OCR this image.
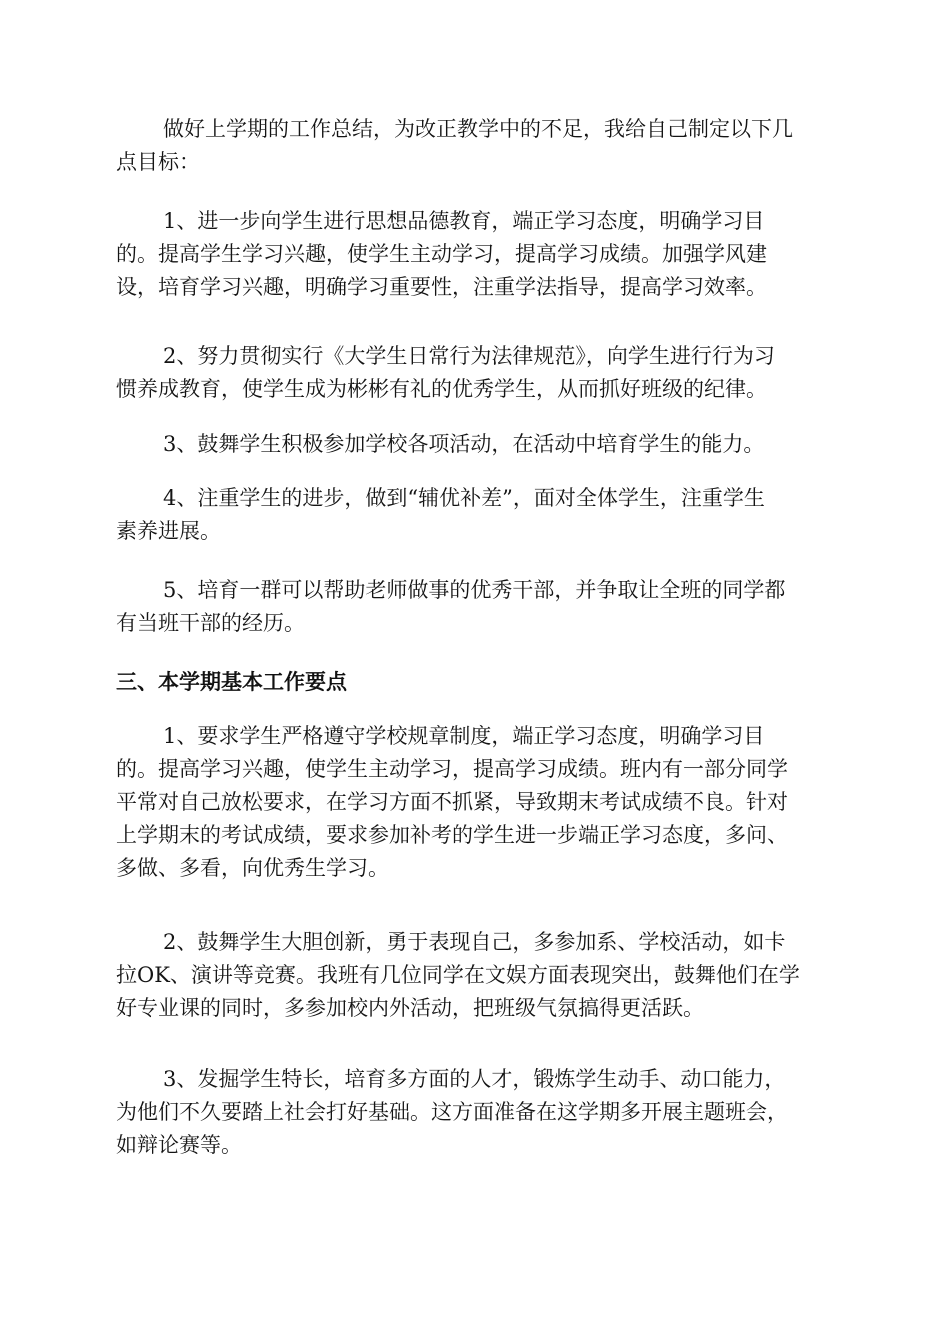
做好上学期的工作总结，为改正教学中的不足，我给自己制定以下几
点目标：

1、进一步向学生进行思想品德教育，端正学习态度，明确学习目
的。提高学生学习兴趣，使学生主动学习，提高学习成绩。加强学风建
设，培育学习兴趣，明确学习重要性，注重学法指导，提高学习效率。

2、努力贯彻实行《大学生日常行为法律规范》，向学生进行行为习
惯养成教育，使学生成为彬彬有礼的优秀学生，从而抓好班级的纪律。

3、鼓舞学生积极参加学校各项活动，在活动中培育学生的能力。

4、注重学生的进步，做到“辅优补差”，面对全体学生，注重学生
素养进展。

5、培育一群可以帮助老师做事的优秀干部，并争取让全班的同学都
有当班干部的经历。

三、本学期基本工作要点

1、要求学生严格遵守学校规章制度，端正学习态度，明确学习目
的。提高学习兴趣，使学生主动学习，提高学习成绩。班内有一部分同学
平常对自己放松要求，在学习方面不抓紧，导致期末考试成绩不良。针对
上学期末的考试成绩，要求参加补考的学生进一步端正学习态度，多问、
多做、多看，向优秀生学习。

2、鼓舞学生大胆创新，勇于表现自己，多参加系、学校活动，如卡
拉OK、演讲等竞赛。我班有几位同学在文娱方面表现突出，鼓舞他们在学
好专业课的同时，多参加校内外活动，把班级气氛搞得更活跃。

3、发掘学生特长，培育多方面的人才，锻炼学生动手、动口能力，
为他们不久要踏上社会打好基础。这方面准备在这学期多开展主题班会，
如辩论赛等。
